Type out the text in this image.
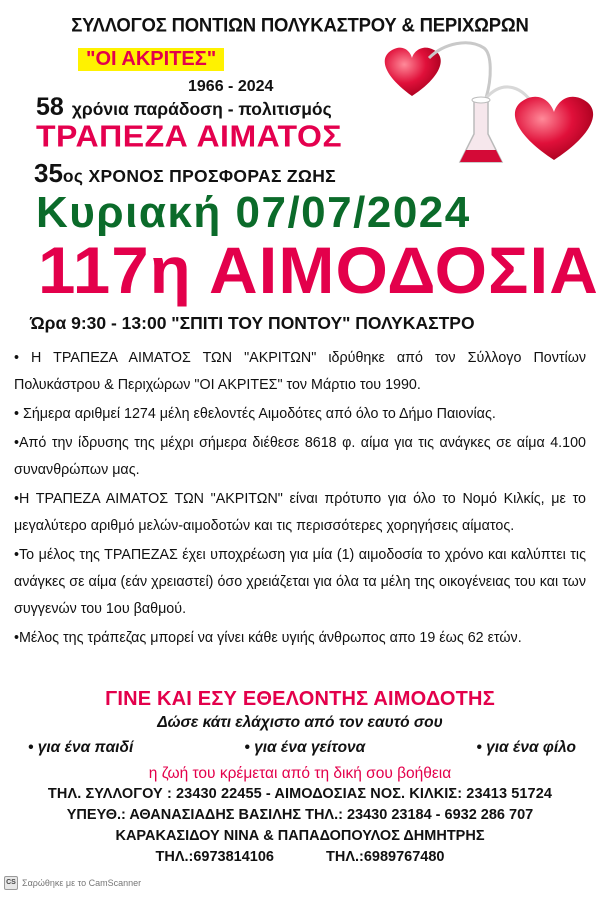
ΣΥΛΛΟΓΟΣ ΠΟΝΤΙΩΝ ΠΟΛΥΚΑΣΤΡΟΥ & ΠΕΡΙΧΩΡΩΝ
"ΟΙ ΑΚΡΙΤΕΣ"
1966 - 2024
58 χρόνια παράδοση - πολιτισμός
ΤΡΑΠΕΖΑ ΑΙΜΑΤΟΣ
35ος ΧΡΟΝΟΣ ΠΡΟΣΦΟΡΑΣ ΖΩΗΣ
Κυριακή 07/07/2024
117η ΑΙΜΟΔΟΣΙΑ
Ώρα 9:30 - 13:00 "ΣΠΙΤΙ ΤΟΥ ΠΟΝΤΟΥ" ΠΟΛΥΚΑΣΤΡΟ

• Η ΤΡΑΠΕΖΑ ΑΙΜΑΤΟΣ ΤΩΝ "ΑΚΡΙΤΩΝ" ιδρύθηκε από τον Σύλλογο Ποντίων Πολυκάστρου & Περιχώρων "ΟΙ ΑΚΡΙΤΕΣ" τον Μάρτιο του 1990.

• Σήμερα αριθμεί 1274 μέλη εθελοντές Αιμοδότες από όλο το Δήμο Παιονίας.

•Από την ίδρυσης της μέχρι σήμερα διέθεσε 8618 φ. αίμα για τις ανάγκες σε αίμα 4.100 συνανθρώπων μας.

•Η ΤΡΑΠΕΖΑ ΑΙΜΑΤΟΣ ΤΩΝ "ΑΚΡΙΤΩΝ" είναι πρότυπο για όλο το Νομό Κιλκίς, με το μεγαλύτερο αριθμό μελών-αιμοδοτών και τις περισσότερες χορηγήσεις αίματος.

•Το μέλος της ΤΡΑΠΕΖΑΣ έχει υποχρέωση για μία (1) αιμοδοσία το χρόνο και καλύπτει τις ανάγκες σε αίμα (εάν χρειαστεί) όσο χρειάζεται για όλα τα μέλη της οικογένειας του και των συγγενών του 1ου βαθμού.

•Μέλος της τράπεζας μπορεί να γίνει κάθε υγιής άνθρωπος απο 19 έως 62 ετών.

ΓΙΝΕ ΚΑΙ ΕΣΥ ΕΘΕΛΟΝΤΗΣ ΑΙΜΟΔΟΤΗΣ
Δώσε κάτι ελάχιστο από τον εαυτό σου
• για ένα παιδί	• για ένα γείτονα	• για ένα φίλο
η ζωή του κρέμεται από τη δική σου βοήθεια
ΤΗΛ. ΣΥΛΛΟΓΟΥ : 23430 22455 - ΑΙΜΟΔΟΣΙΑΣ ΝΟΣ. ΚΙΛΚΙΣ: 23413 51724
ΥΠΕΥΘ.: ΑΘΑΝΑΣΙΑΔΗΣ ΒΑΣΙΛΗΣ ΤΗΛ.: 23430 23184 - 6932 286 707
ΚΑΡΑΚΑΣΙΔΟΥ ΝΙΝΑ & ΠΑΠΑΔΟΠΟΥΛΟΣ ΔΗΜΗΤΡΗΣ
ΤΗΛ.:6973814106	ΤΗΛ.:6989767480
CS Σαρώθηκε με το CamScanner
